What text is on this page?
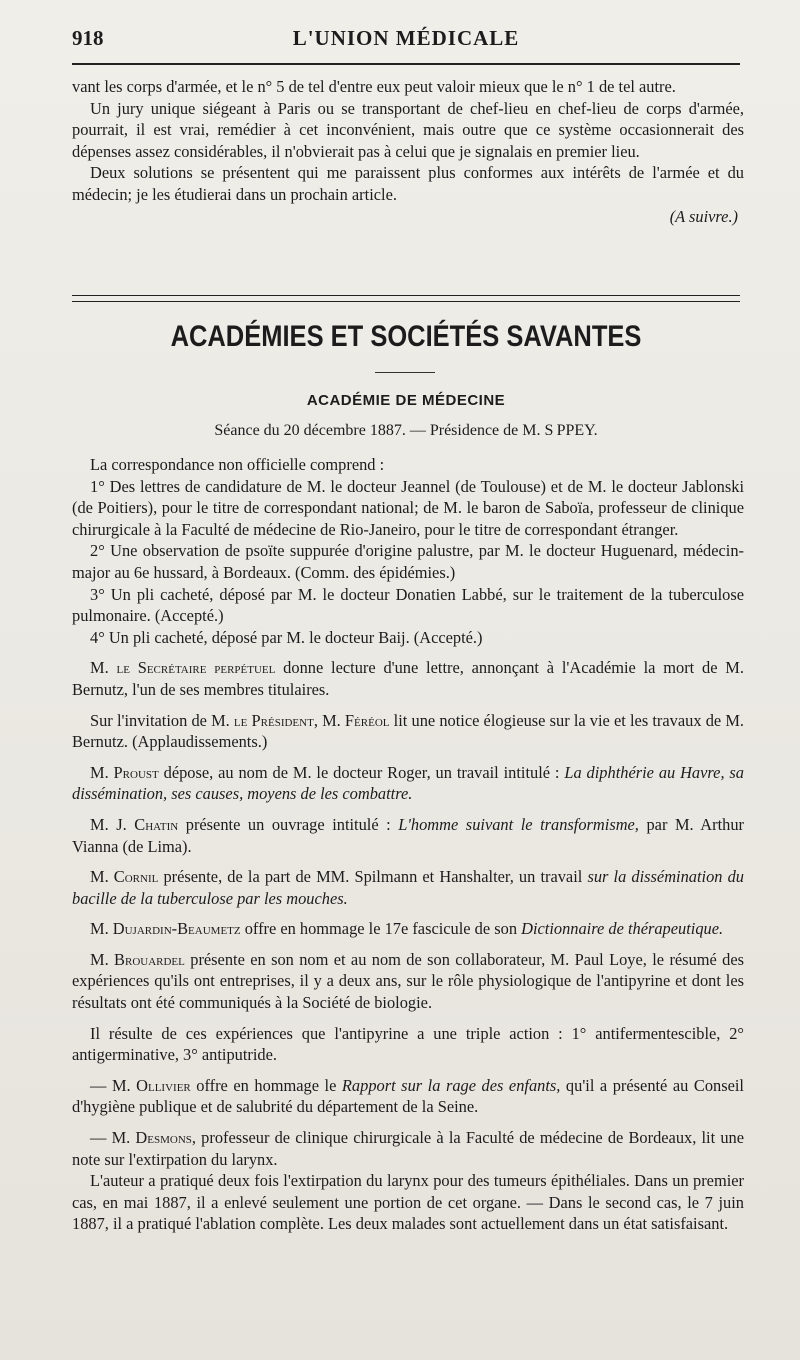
918	L'UNION MÉDICALE

vant les corps d'armée, et le n° 5 de tel d'entre eux peut valoir mieux que le n° 1 de tel autre.

Un jury unique siégeant à Paris ou se transportant de chef-lieu en chef-lieu de corps d'armée, pourrait, il est vrai, remédier à cet inconvénient, mais outre que ce système occasionnerait des dépenses assez considérables, il n'obvierait pas à celui que je signalais en premier lieu.

Deux solutions se présentent qui me paraissent plus conformes aux intérêts de l'armée et du médecin; je les étudierai dans un prochain article.

(A suivre.)

ACADÉMIES ET SOCIÉTÉS SAVANTES
ACADÉMIE DE MÉDECINE
Séance du 20 décembre 1887. — Présidence de M. S PPEY.

La correspondance non officielle comprend :

1° Des lettres de candidature de M. le docteur Jeannel (de Toulouse) et de M. le docteur Jablonski (de Poitiers), pour le titre de correspondant national; de M. le baron de Saboïa, professeur de clinique chirurgicale à la Faculté de médecine de Rio-Janeiro, pour le titre de correspondant étranger.

2° Une observation de psoïte suppurée d'origine palustre, par M. le docteur Huguenard, médecin-major au 6e hussard, à Bordeaux. (Comm. des épidémies.)

3° Un pli cacheté, déposé par M. le docteur Donatien Labbé, sur le traitement de la tuberculose pulmonaire. (Accepté.)

4° Un pli cacheté, déposé par M. le docteur Baij. (Accepté.)

M. le Secrétaire perpétuel donne lecture d'une lettre, annonçant à l'Académie la mort de M. Bernutz, l'un de ses membres titulaires.

Sur l'invitation de M. le Président, M. Féréol lit une notice élogieuse sur la vie et les travaux de M. Bernutz. (Applaudissements.)

M. Proust dépose, au nom de M. le docteur Roger, un travail intitulé : La diphthérie au Havre, sa dissémination, ses causes, moyens de les combattre.

M. J. Chatin présente un ouvrage intitulé : L'homme suivant le transformisme, par M. Arthur Vianna (de Lima).

M. Cornil présente, de la part de MM. Spilmann et Hanshalter, un travail sur la dissémination du bacille de la tuberculose par les mouches.

M. Dujardin-Beaumetz offre en hommage le 17e fascicule de son Dictionnaire de thérapeutique.

M. Brouardel présente en son nom et au nom de son collaborateur, M. Paul Loye, le résumé des expériences qu'ils ont entreprises, il y a deux ans, sur le rôle physiologique de l'antipyrine et dont les résultats ont été communiqués à la Société de biologie.

Il résulte de ces expériences que l'antipyrine a une triple action : 1° antifermentescible, 2° antigerminative, 3° antiputride.

— M. Ollivier offre en hommage le Rapport sur la rage des enfants, qu'il a présenté au Conseil d'hygiène publique et de salubrité du département de la Seine.

— M. Desmons, professeur de clinique chirurgicale à la Faculté de médecine de Bordeaux, lit une note sur l'extirpation du larynx.

L'auteur a pratiqué deux fois l'extirpation du larynx pour des tumeurs épithéliales. Dans un premier cas, en mai 1887, il a enlevé seulement une portion de cet organe. — Dans le second cas, le 7 juin 1887, il a pratiqué l'ablation complète. Les deux malades sont actuellement dans un état satisfaisant.
